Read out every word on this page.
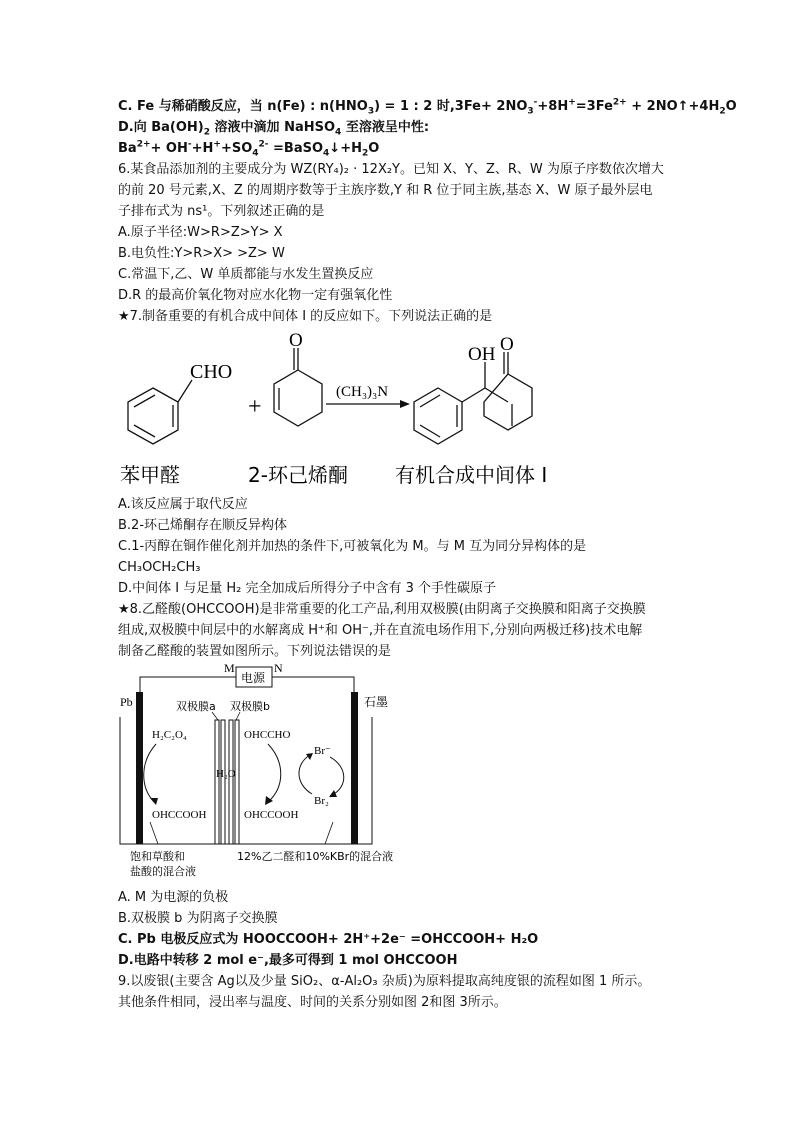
C. Fe 与稀硝酸反应，当 n(Fe) : $n(HNO_3) = 1$ : 2 时$,3Fe+ 2NO_3^-+8H^+=3Fe^{2+}$ + $2NO↑+4H_2O$
D.向 $Ba(OH)_2$ 溶液中滴加 NaHSO$_4$ 至溶液呈中性:
$Ba^{2+}+ OH^-+H^++SO_4^{2-}$ $=BaSO_4↓+H_2O$
6.某食品添加剂的主要成分为 WZ(RY₄)₂ · 12X₂Y。已知 X、Y、Z、R、W 为原子序数依次增大
的前 20 号元素,X、Z 的周期序数等于主族序数,Y 和 R 位于同主族,基态 X、W 原子最外层电
子排布式为 ns¹。下列叙述正确的是
A.原子半径:W>R>Z>Y> X
B.电负性:Y>R>X> >Z> W
C.常温下,乙、W 单质都能与水发生置换反应
D.R 的最高价氧化物对应水化物一定有强氧化性
★7.制备重要的有机合成中间体 I 的反应如下。下列说法正确的是
CHO
+
O
(CH₃)₃N
OH O
苯甲醛	2-环己烯酮 有机合成中间体 I
A.该反应属于取代反应
B.2-环己烯酮存在顺反异构体
C.1-丙醇在铜作催化剂并加热的条件下,可被氧化为 M。与 M 互为同分异构体的是
CH₃OCH₂CH₃
D.中间体 I 与足量 H₂ 完全加成后所得分子中含有 3 个手性碳原子
★8.乙醛酸(OHCCOOH)是非常重要的化工产品,利用双极膜(由阴离子交换膜和阳离子交换膜
组成,双极膜中间层中的水解离成 H⁺和 OH⁻,并在直流电场作用下,分别向两极迁移)技术电解
制备乙醛酸的装置如图所示。下列说法错误的是
电源
M	N
Pb	石墨
双极膜a 双极膜b
H₂O
H₂C₂O₄
OHCCOOH
OHCCHO
OHCCOOH
Br⁻
Br₂
饱和草酸和
盐酸的混合液
12%乙二醛和10%KBr的混合液
A. M 为电源的负极
B.双极膜 b 为阴离子交换膜
C. Pb 电极反应式为 HOOCCOOH+ 2H⁺+2e⁻ =OHCCOOH+ H₂O
D.电路中转移 2 mol e⁻,最多可得到 1 mol OHCCOOH
9.以废银(主要含 Ag以及少量 SiO₂、α-Al₂O₃ 杂质)为原料提取高纯度银的流程如图 1 所示。
其他条件相同，浸出率与温度、时间的关系分别如图 2和图 3所示。
